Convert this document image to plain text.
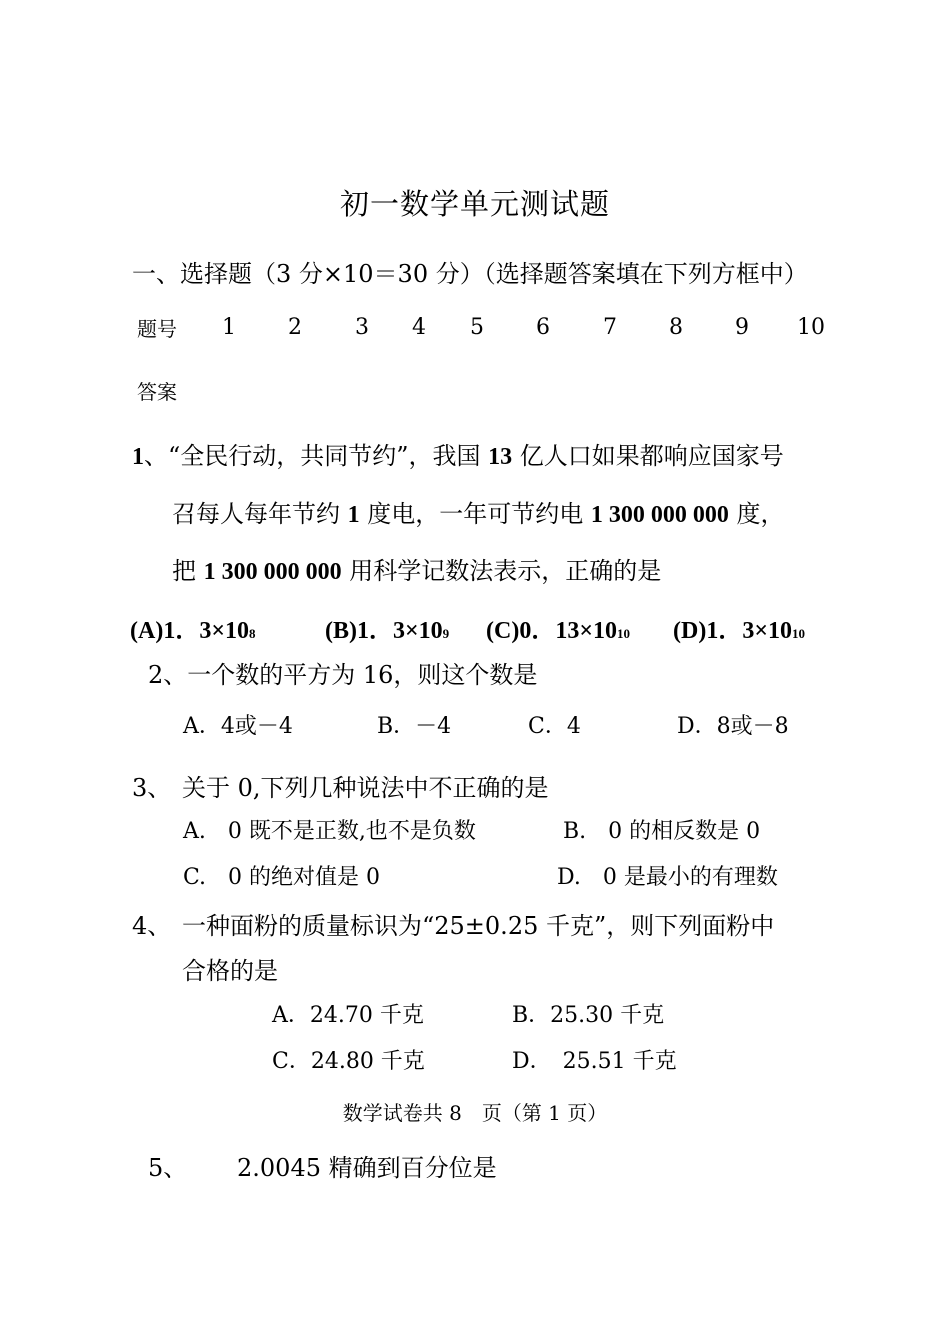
初一数学单元测试题
一、选择题（3 分×10＝30 分）（选择题答案填在下列方框中）
题号 1 2 3 4 5 6 7 8 9 10
答案
1、“全民行动，共同节约”，我国 13 亿人口如果都响应国家号
召每人每年节约 1 度电，一年可节约电 1 300 000 000 度，
把 1 300 000 000 用科学记数法表示，正确的是
(A)1．3×108	(B)1．3×109 (C)0．13×1010 (D)1．3×1010
2、一个数的平方为 16，则这个数是
A．4或－4	B．－4	C．4	D．8或－8
3、 关于 0,下列几种说法中不正确的是
A.　0 既不是正数,也不是负数	B.　0 的相反数是 0
C.　0 的绝对值是 0	D.　0 是最小的有理数
4、 一种面粉的质量标识为“25±0.25 千克”，则下列面粉中
合格的是
A．24.70 千克	B．25.30 千克
C．24.80 千克	D．　25.51 千克
数学试卷共 8　页（第 1 页）
5、 2.0045 精确到百分位是
